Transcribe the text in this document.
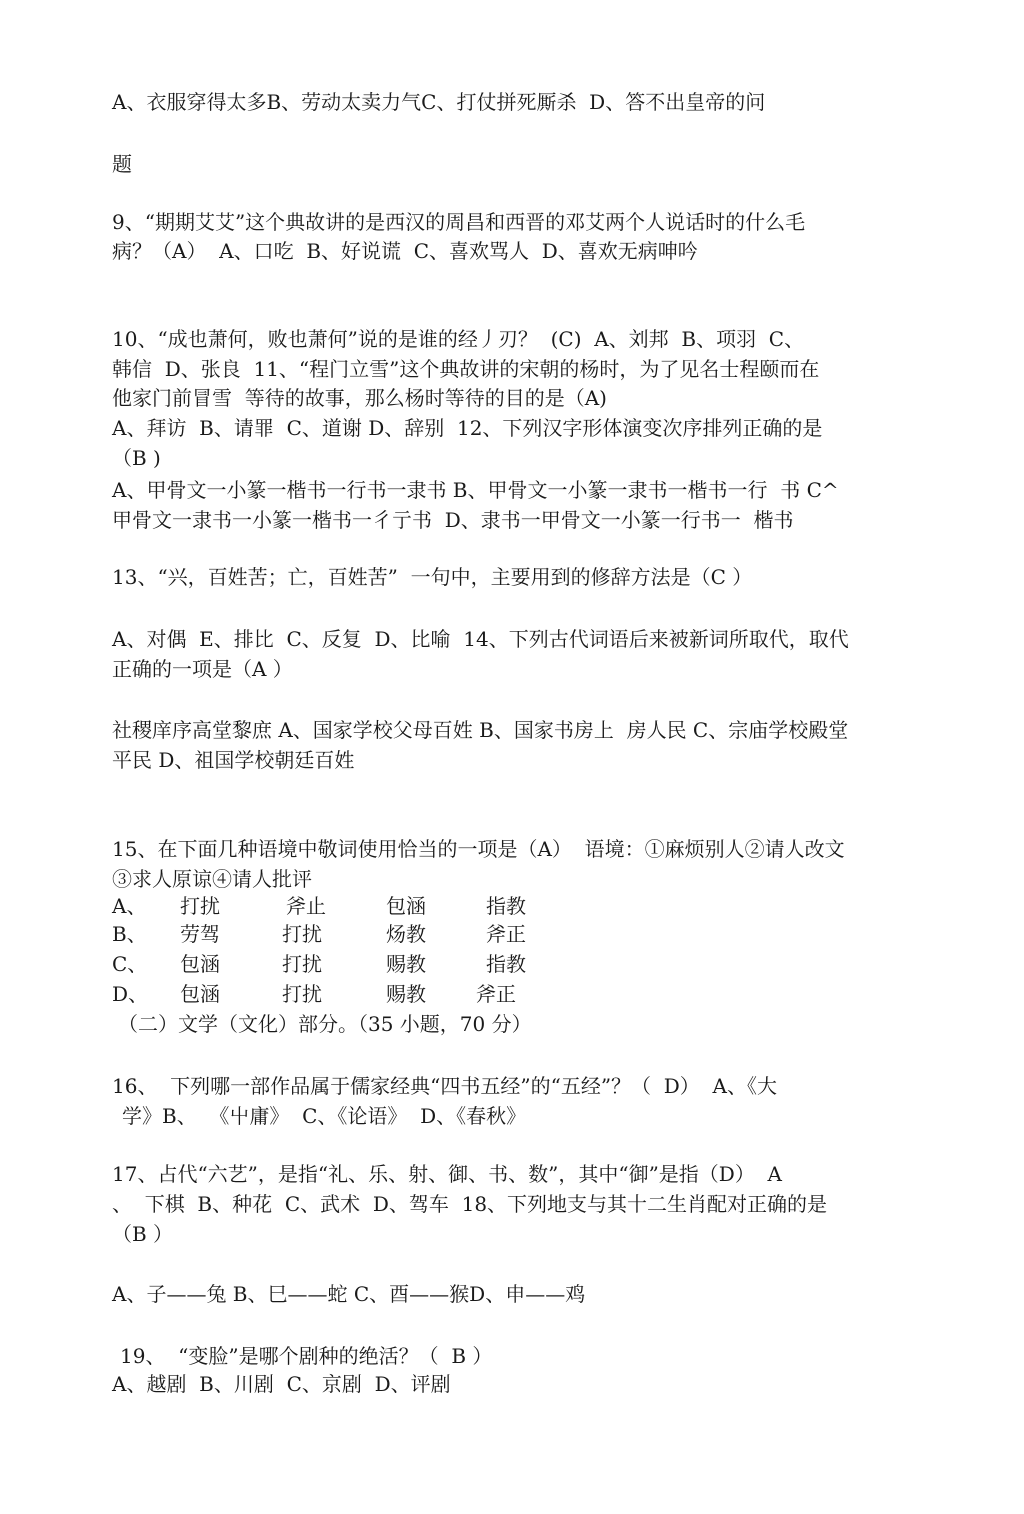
A、衣服穿得太多B、劳动太卖力气C、打仗拼死厮杀  D、答不出皇帝的问
题
9、“期期艾艾”这个典故讲的是西汉的周昌和西晋的邓艾两个人说话时的什么毛
病？（A）  A、口吃  B、好说谎  C、喜欢骂人  D、喜欢无病呻吟
10、“成也萧何，败也萧何”说的是谁的经丿刃？  (C)  A、刘邦  B、项羽  C、
韩信  D、张良  11、“程门立雪”这个典故讲的宋朝的杨时，为了见名士程颐而在
他家门前冒雪  等待的故事，那么杨时等待的目的是（A)
A、拜访  B、请罪  C、道谢 D、辞别  12、下列汉字形体演变次序排列正确的是
（B )
A、甲骨文一小篆一楷书一行书一隶书 B、甲骨文一小篆一隶书一楷书一行  书 C^
甲骨文一隶书一小篆一楷书一彳亍书  D、隶书一甲骨文一小篆一行书一  楷书
13、“兴，百姓苦；亡，百姓苦”  一句中，主要用到的修辞方法是（C ）
A、对偶  E、排比  C、反复  D、比喻  14、下列古代词语后来被新词所取代，取代
正确的一项是（A ）
社稷庠序高堂黎庶 A、国家学校父母百姓 B、国家书房上  房人民 C、宗庙学校殿堂
平民 D、祖国学校朝廷百姓
15、在下面几种语境中敬词使用恰当的一项是（A）  语境：①麻烦别人②请人改文
③求人原谅④请人批评
A、 打扰	斧止	包涵	指教
B、 劳驾	打扰	炀教	斧正
C、 包涵	打扰	赐教	指教
D、 包涵	打扰	赐教	斧正
（二）文学（文化）部分。（35 小题，70 分）
16、  下列哪一部作品属于儒家经典“四书五经”的“五经”？（  D）  A、《大
学》B、  《屮庸》  C、《论语》  D、《春秋》
17、占代“六艺”，是指“礼、乐、射、御、书、数”，其中“御”是指（D）  A
、  下棋  B、种花  C、武术  D、驾车  18、下列地支与其十二生肖配对正确的是
（B ）
A、子——兔 B、巳——蛇 C、酉——猴D、申——鸡
19、  “变脸”是哪个剧种的绝活？（  B ）
A、越剧  B、川剧  C、京剧  D、评剧
